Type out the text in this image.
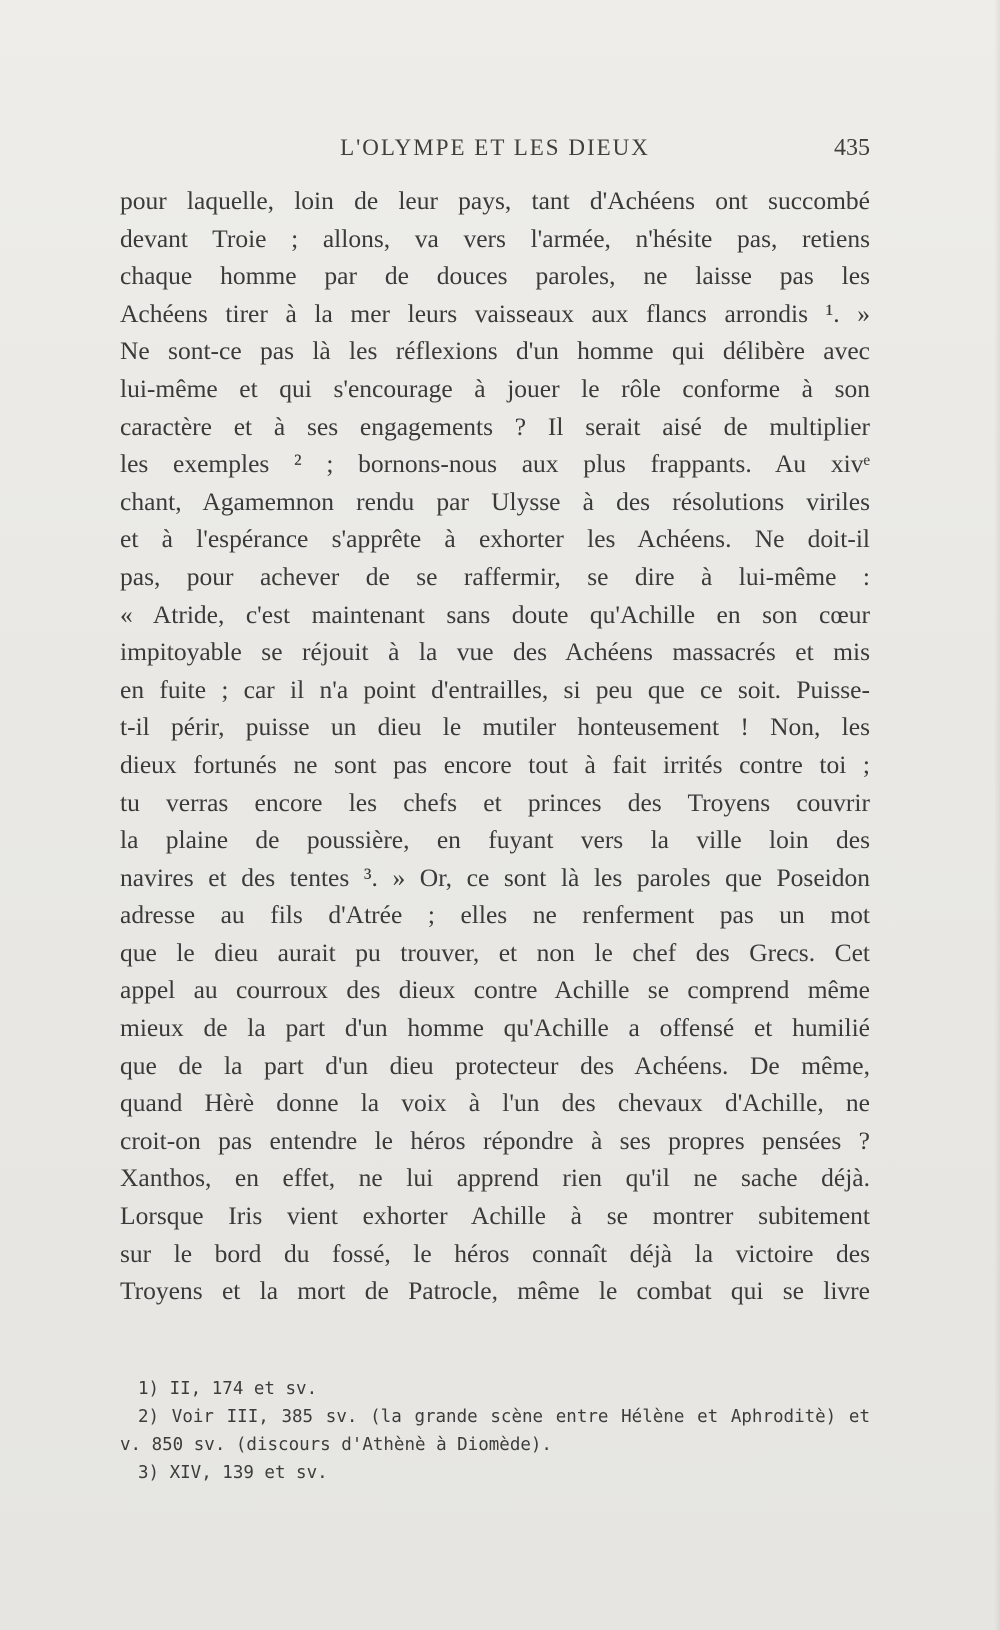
L'OLYMPE ET LES DIEUX	435
pour laquelle, loin de leur pays, tant d'Achéens ont succombé
devant Troie ; allons, va vers l'armée, n'hésite pas, retiens
chaque homme par de douces paroles, ne laisse pas les
Achéens tirer à la mer leurs vaisseaux aux flancs arrondis ¹. »
Ne sont-ce pas là les réflexions d'un homme qui délibère avec
lui-même et qui s'encourage à jouer le rôle conforme à son
caractère et à ses engagements ? Il serait aisé de multiplier
les exemples ² ; bornons-nous aux plus frappants. Au xivᵉ
chant, Agamemnon rendu par Ulysse à des résolutions viriles
et à l'espérance s'apprête à exhorter les Achéens. Ne doit-il
pas, pour achever de se raffermir, se dire à lui-même :
« Atride, c'est maintenant sans doute qu'Achille en son cœur
impitoyable se réjouit à la vue des Achéens massacrés et mis
en fuite ; car il n'a point d'entrailles, si peu que ce soit. Puisse-
t-il périr, puisse un dieu le mutiler honteusement ! Non, les
dieux fortunés ne sont pas encore tout à fait irrités contre toi ;
tu verras encore les chefs et princes des Troyens couvrir
la plaine de poussière, en fuyant vers la ville loin des
navires et des tentes ³. » Or, ce sont là les paroles que Poseidon
adresse au fils d'Atrée ; elles ne renferment pas un mot
que le dieu aurait pu trouver, et non le chef des Grecs. Cet
appel au courroux des dieux contre Achille se comprend même
mieux de la part d'un homme qu'Achille a offensé et humilié
que de la part d'un dieu protecteur des Achéens. De même,
quand Hèrè donne la voix à l'un des chevaux d'Achille, ne
croit-on pas entendre le héros répondre à ses propres pensées ?
Xanthos, en effet, ne lui apprend rien qu'il ne sache déjà.
Lorsque Iris vient exhorter Achille à se montrer subitement
sur le bord du fossé, le héros connaît déjà la victoire des
Troyens et la mort de Patrocle, même le combat qui se livre
1) II, 174 et sv.
2) Voir III, 385 sv. (la grande scène entre Hélène et Aphroditè) et
v. 850 sv. (discours d'Athènè à Diomède).
3) XIV, 139 et sv.
